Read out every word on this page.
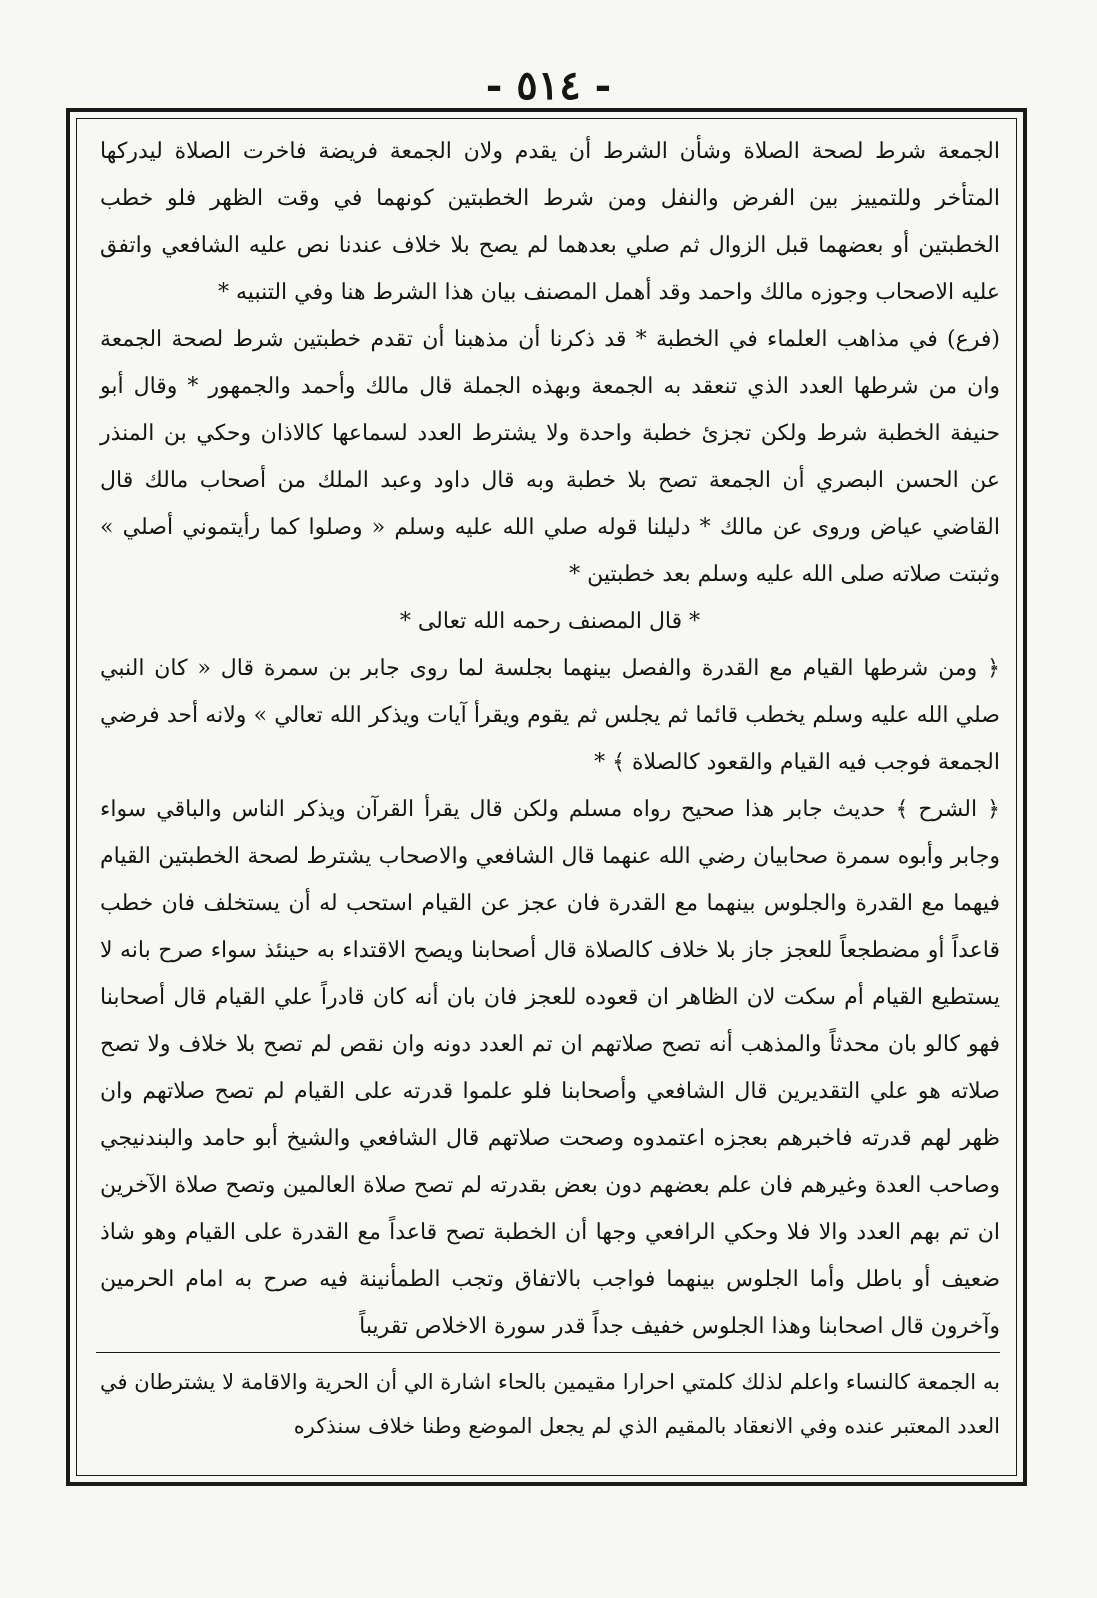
- ٥١٤ -

الجمعة شرط لصحة الصلاة وشأن الشرط أن يقدم ولان الجمعة فريضة فاخرت الصلاة ليدركها المتأخر وللتمييز بين الفرض والنفل ومن شرط الخطبتين كونهما في وقت الظهر فلو خطب الخطبتين أو بعضهما قبل الزوال ثم صلي بعدهما لم يصح بلا خلاف عندنا نص عليه الشافعي واتفق عليه الاصحاب وجوزه مالك واحمد وقد أهمل المصنف بيان هذا الشرط هنا وفي التنبيه *

(فرع) في مذاهب العلماء في الخطبة * قد ذكرنا أن مذهبنا أن تقدم خطبتين شرط لصحة الجمعة وان من شرطها العدد الذي تنعقد به الجمعة وبهذه الجملة قال مالك وأحمد والجمهور * وقال أبو حنيفة الخطبة شرط ولكن تجزئ خطبة واحدة ولا يشترط العدد لسماعها كالاذان وحكي بن المنذر عن الحسن البصري أن الجمعة تصح بلا خطبة وبه قال داود وعبد الملك من أصحاب مالك قال القاضي عياض وروى عن مالك * دليلنا قوله صلي الله عليه وسلم « وصلوا كما رأيتموني أصلي » وثبتت صلاته صلى الله عليه وسلم بعد خطبتين *

* قال المصنف رحمه الله تعالى *

﴿ ومن شرطها القيام مع القدرة والفصل بينهما بجلسة لما روى جابر بن سمرة قال « كان النبي صلي الله عليه وسلم يخطب قائما ثم يجلس ثم يقوم ويقرأ آيات ويذكر الله تعالي » ولانه أحد فرضي الجمعة فوجب فيه القيام والقعود كالصلاة ﴾ *

﴿ الشرح ﴾ حديث جابر هذا صحيح رواه مسلم ولكن قال يقرأ القرآن ويذكر الناس والباقي سواء وجابر وأبوه سمرة صحابيان رضي الله عنهما قال الشافعي والاصحاب يشترط لصحة الخطبتين القيام فيهما مع القدرة والجلوس بينهما مع القدرة فان عجز عن القيام استحب له أن يستخلف فان خطب قاعداً أو مضطجعاً للعجز جاز بلا خلاف كالصلاة قال أصحابنا ويصح الاقتداء به حينئذ سواء صرح بانه لا يستطيع القيام أم سكت لان الظاهر ان قعوده للعجز فان بان أنه كان قادراً علي القيام قال أصحابنا فهو كالو بان محدثاً والمذهب أنه تصح صلاتهم ان تم العدد دونه وان نقص لم تصح بلا خلاف ولا تصح صلاته هو علي التقديرين قال الشافعي وأصحابنا فلو علموا قدرته على القيام لم تصح صلاتهم وان ظهر لهم قدرته فاخبرهم بعجزه اعتمدوه وصحت صلاتهم قال الشافعي والشيخ أبو حامد والبندنيجي وصاحب العدة وغيرهم فان علم بعضهم دون بعض بقدرته لم تصح صلاة العالمين وتصح صلاة الآخرين ان تم بهم العدد والا فلا وحكي الرافعي وجها أن الخطبة تصح قاعداً مع القدرة على القيام وهو شاذ ضعيف أو باطل وأما الجلوس بينهما فواجب بالاتفاق وتجب الطمأنينة فيه صرح به امام الحرمين وآخرون قال اصحابنا وهذا الجلوس خفيف جداً قدر سورة الاخلاص تقريباً

به الجمعة كالنساء واعلم لذلك كلمتي احرارا مقيمين بالحاء اشارة الي أن الحرية والاقامة لا يشترطان في العدد المعتبر عنده وفي الانعقاد بالمقيم الذي لم يجعل الموضع وطنا خلاف سنذكره
